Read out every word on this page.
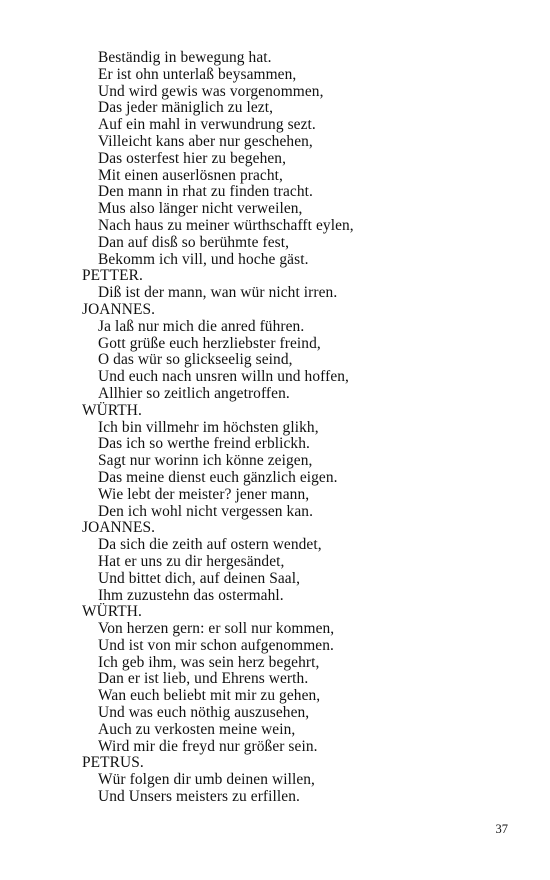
Beständig in bewegung hat.
Er ist ohn unterlaß beysammen,
Und wird gewis was vorgenommen,
Das jeder mäniglich zu lezt,
Auf ein mahl in verwundrung sezt.
Villeicht kans aber nur geschehen,
Das osterfest hier zu begehen,
Mit einen auserlösnen pracht,
Den mann in rhat zu finden tracht.
Mus also länger nicht verweilen,
Nach haus zu meiner würthschafft eylen,
Dan auf disß so berühmte fest,
Bekomm ich vill, und hoche gäst.
PETTER.
Diß ist der mann, wan wür nicht irren.
JOANNES.
Ja laß nur mich die anred führen.
Gott grüße euch herzliebster freind,
O das wür so glickseelig seind,
Und euch nach unsren willn und hoffen,
Allhier so zeitlich angetroffen.
WÜRTH.
Ich bin villmehr im höchsten glikh,
Das ich so werthe freind erblickh.
Sagt nur worinn ich könne zeigen,
Das meine dienst euch gänzlich eigen.
Wie lebt der meister? jener mann,
Den ich wohl nicht vergessen kan.
JOANNES.
Da sich die zeith auf ostern wendet,
Hat er uns zu dir hergesändet,
Und bittet dich, auf deinen Saal,
Ihm zuzustehn das ostermahl.
WÜRTH.
Von herzen gern: er soll nur kommen,
Und ist von mir schon aufgenommen.
Ich geb ihm, was sein herz begehrt,
Dan er ist lieb, und Ehrens werth.
Wan euch beliebt mit mir zu gehen,
Und was euch nöthig auszusehen,
Auch zu verkosten meine wein,
Wird mir die freyd nur größer sein.
PETRUS.
Wür folgen dir umb deinen willen,
Und Unsers meisters zu erfillen.
37
